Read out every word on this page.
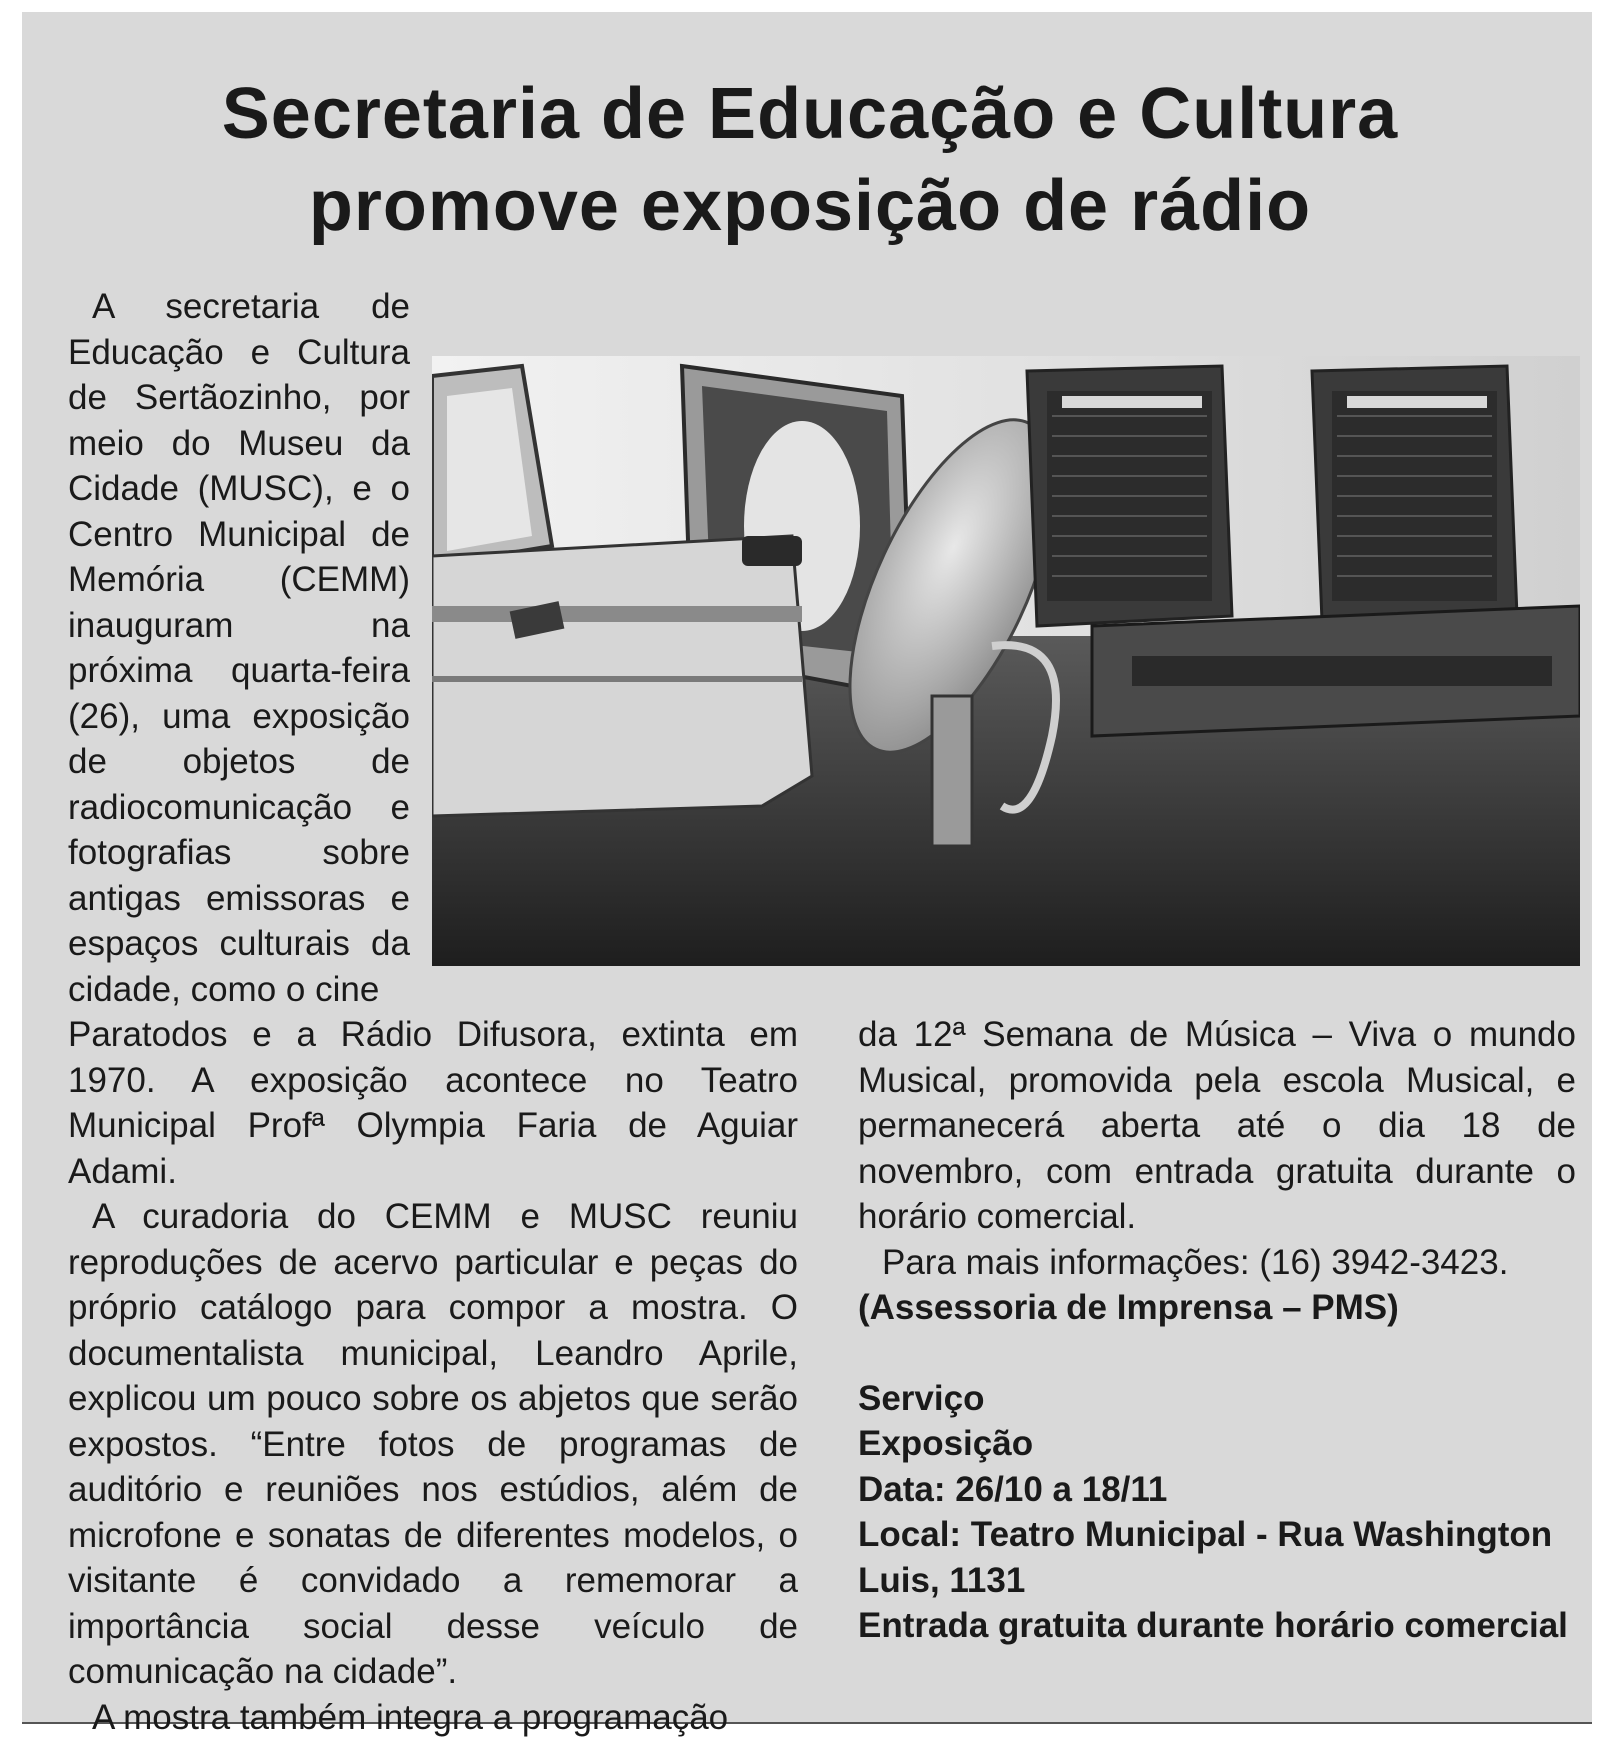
Secretaria de Educação e Cultura
promove exposição de rádio

A secretaria de Educação e Cultura de Sertãozinho, por meio do Museu da Cidade (MUSC), e o Centro Municipal de Memória (CEMM) inauguram na próxima quarta-feira (26), uma exposição de objetos de radiocomunicação e fotografias sobre antigas emissoras e espaços culturais da cidade, como o cine

Paratodos e a Rádio Difusora, extinta em 1970. A exposição acontece no Teatro Municipal Profª Olympia Faria de Aguiar Adami.

A curadoria do CEMM e MUSC reuniu reproduções de acervo particular e peças do próprio catálogo para compor a mostra. O documentalista municipal, Leandro Aprile, explicou um pouco sobre os abjetos que serão expostos. “Entre fotos de programas de auditório e reuniões nos estúdios, além de microfone e sonatas de diferentes modelos, o visitante é convidado a rememorar a importância social desse veículo de comunicação na cidade”.

A mostra também integra a programação

da 12ª Semana de Música – Viva o mundo Musical, promovida pela escola Musical, e permanecerá aberta até o dia 18 de novembro, com entrada gratuita durante o horário comercial.

Para mais informações: (16) 3942-3423.

(Assessoria de Imprensa – PMS)

Serviço
Exposição
Data: 26/10 a 18/11
Local: Teatro Municipal - Rua Washington Luis, 1131
Entrada gratuita durante horário comercial
